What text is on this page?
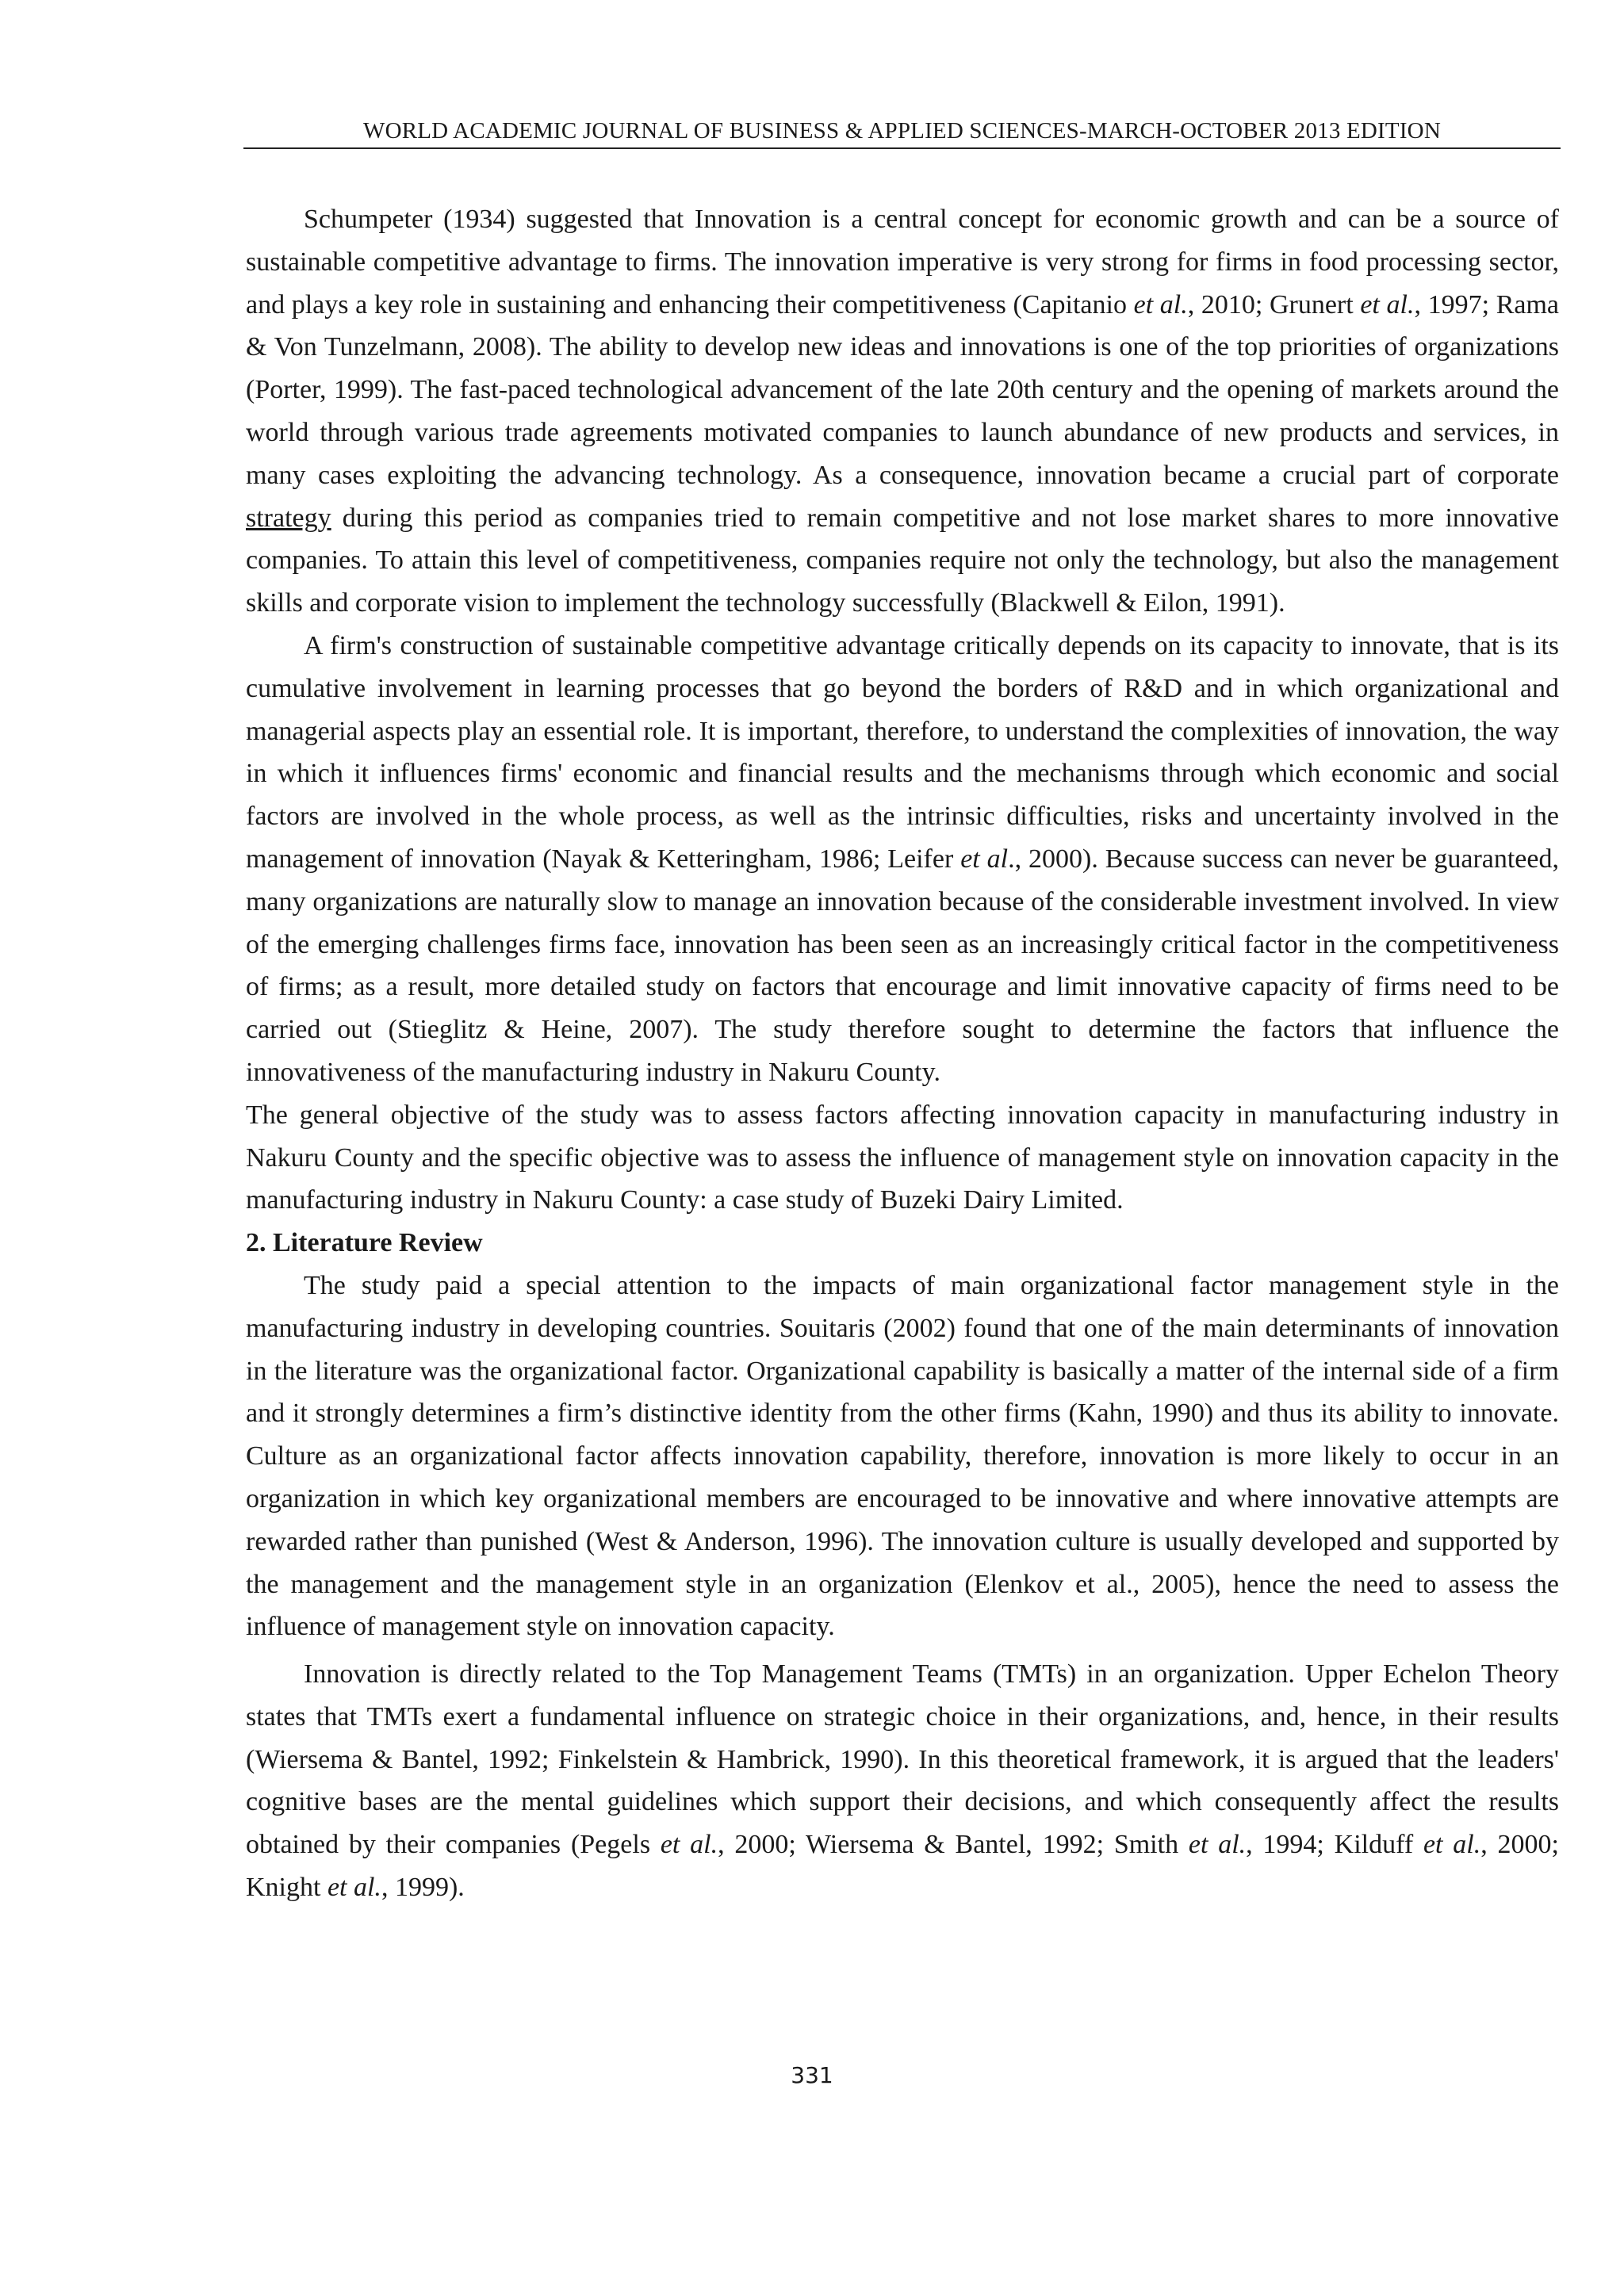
WORLD ACADEMIC JOURNAL OF BUSINESS & APPLIED SCIENCES-MARCH-OCTOBER 2013 EDITION

Schumpeter (1934) suggested that Innovation is a central concept for economic growth and can be a source of sustainable competitive advantage to firms. The innovation imperative is very strong for firms in food processing sector, and plays a key role in sustaining and enhancing their competitiveness (Capitanio et al., 2010; Grunert et al., 1997; Rama & Von Tunzelmann, 2008). The ability to develop new ideas and innovations is one of the top priorities of organizations (Porter, 1999). The fast-paced technological advancement of the late 20th century and the opening of markets around the world through various trade agreements motivated companies to launch abundance of new products and services, in many cases exploiting the advancing technology. As a consequence, innovation became a crucial part of corporate strategy during this period as companies tried to remain competitive and not lose market shares to more innovative companies. To attain this level of competitiveness, companies require not only the technology, but also the management skills and corporate vision to implement the technology successfully (Blackwell & Eilon, 1991).

A firm's construction of sustainable competitive advantage critically depends on its capacity to innovate, that is its cumulative involvement in learning processes that go beyond the borders of R&D and in which organizational and managerial aspects play an essential role. It is important, therefore, to understand the complexities of innovation, the way in which it influences firms' economic and financial results and the mechanisms through which economic and social factors are involved in the whole process, as well as the intrinsic difficulties, risks and uncertainty involved in the management of innovation (Nayak & Ketteringham, 1986; Leifer et al., 2000). Because success can never be guaranteed, many organizations are naturally slow to manage an innovation because of the considerable investment involved. In view of the emerging challenges firms face, innovation has been seen as an increasingly critical factor in the competitiveness of firms; as a result, more detailed study on factors that encourage and limit innovative capacity of firms need to be carried out (Stieglitz & Heine, 2007). The study therefore sought to determine the factors that influence the innovativeness of the manufacturing industry in Nakuru County.

The general objective of the study was to assess factors affecting innovation capacity in manufacturing industry in Nakuru County and the specific objective was to assess the influence of management style on innovation capacity in the manufacturing industry in Nakuru County: a case study of Buzeki Dairy Limited.

2. Literature Review

The study paid a special attention to the impacts of main organizational factor management style in the manufacturing industry in developing countries. Souitaris (2002) found that one of the main determinants of innovation in the literature was the organizational factor. Organizational capability is basically a matter of the internal side of a firm and it strongly determines a firm’s distinctive identity from the other firms (Kahn, 1990) and thus its ability to innovate. Culture as an organizational factor affects innovation capability, therefore, innovation is more likely to occur in an organization in which key organizational members are encouraged to be innovative and where innovative attempts are rewarded rather than punished (West & Anderson, 1996). The innovation culture is usually developed and supported by the management and the management style in an organization (Elenkov et al., 2005), hence the need to assess the influence of management style on innovation capacity.

Innovation is directly related to the Top Management Teams (TMTs) in an organization. Upper Echelon Theory states that TMTs exert a fundamental influence on strategic choice in their organizations, and, hence, in their results (Wiersema & Bantel, 1992; Finkelstein & Hambrick, 1990). In this theoretical framework, it is argued that the leaders' cognitive bases are the mental guidelines which support their decisions, and which consequently affect the results obtained by their companies (Pegels et al., 2000; Wiersema & Bantel, 1992; Smith et al., 1994; Kilduff et al., 2000; Knight et al., 1999).

331
